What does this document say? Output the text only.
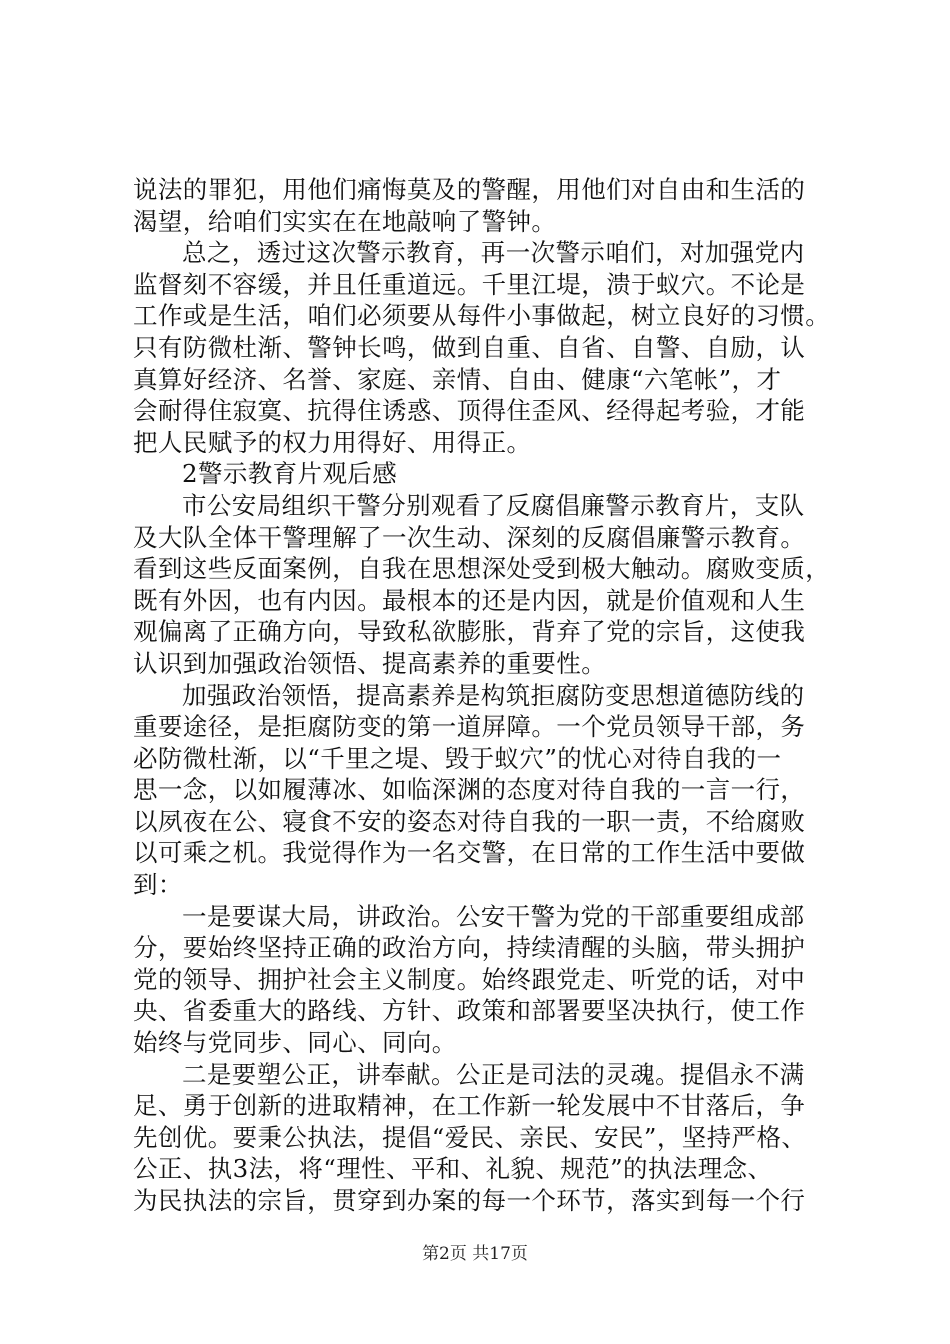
说法的罪犯，用他们痛悔莫及的警醒，用他们对自由和生活的
渴望，给咱们实实在在地敲响了警钟。
总之，透过这次警示教育，再一次警示咱们，对加强党内
监督刻不容缓，并且任重道远。千里江堤，溃于蚁穴。不论是
工作或是生活，咱们必须要从每件小事做起，树立良好的习惯。
只有防微杜渐、警钟长鸣，做到自重、自省、自警、自励，认
真算好经济、名誉、家庭、亲情、自由、健康“六笔帐”，才
会耐得住寂寞、抗得住诱惑、顶得住歪风、经得起考验，才能
把人民赋予的权力用得好、用得正。
2警示教育片观后感
市公安局组织干警分别观看了反腐倡廉警示教育片，支队
及大队全体干警理解了一次生动、深刻的反腐倡廉警示教育。
看到这些反面案例，自我在思想深处受到极大触动。腐败变质，
既有外因，也有内因。最根本的还是内因，就是价值观和人生
观偏离了正确方向，导致私欲膨胀，背弃了党的宗旨，这使我
认识到加强政治领悟、提高素养的重要性。
加强政治领悟，提高素养是构筑拒腐防变思想道德防线的
重要途径，是拒腐防变的第一道屏障。一个党员领导干部，务
必防微杜渐，以“千里之堤、毁于蚁穴”的忧心对待自我的一
思一念，以如履薄冰、如临深渊的态度对待自我的一言一行，
以夙夜在公、寝食不安的姿态对待自我的一职一责，不给腐败
以可乘之机。我觉得作为一名交警，在日常的工作生活中要做
到：
一是要谋大局，讲政治。公安干警为党的干部重要组成部
分，要始终坚持正确的政治方向，持续清醒的头脑，带头拥护
党的领导、拥护社会主义制度。始终跟党走、听党的话，对中
央、省委重大的路线、方针、政策和部署要坚决执行，使工作
始终与党同步、同心、同向。
二是要塑公正，讲奉献。公正是司法的灵魂。提倡永不满
足、勇于创新的进取精神，在工作新一轮发展中不甘落后，争
先创优。要秉公执法，提倡“爱民、亲民、安民”，坚持严格、
公正、执3法，将“理性、平和、礼貌、规范”的执法理念、
为民执法的宗旨，贯穿到办案的每一个环节，落实到每一个行
第2页 共17页
